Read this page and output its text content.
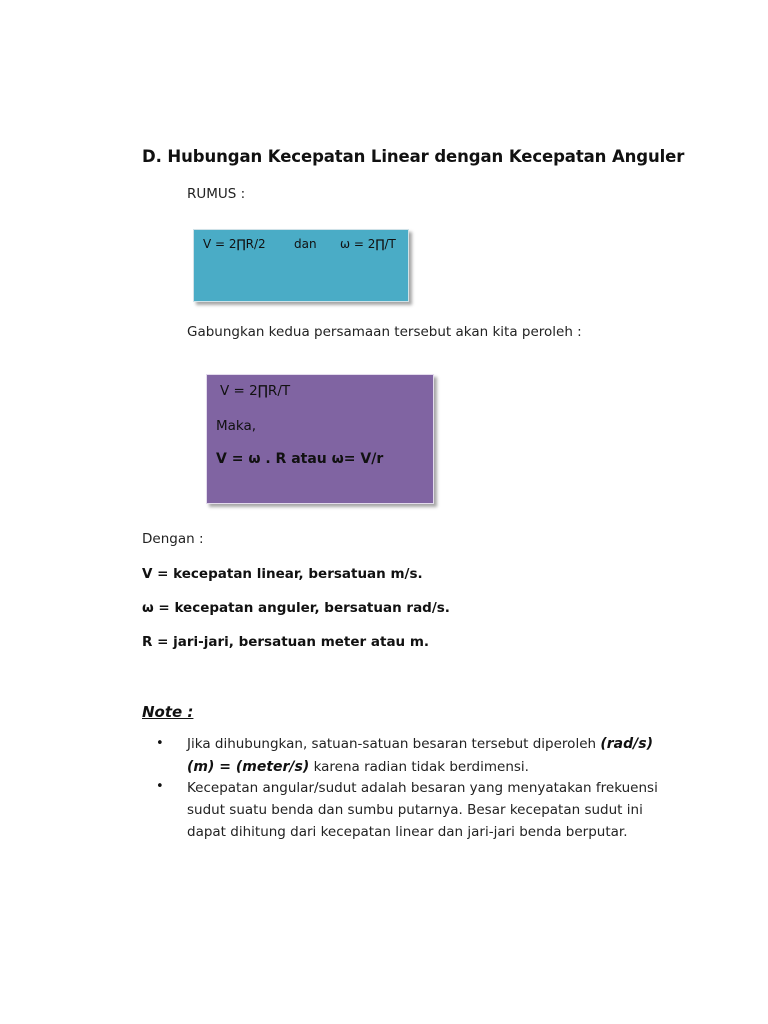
D. Hubungan Kecepatan Linear dengan Kecepatan Anguler
RUMUS :
V = 2∏R/2 dan ω = 2∏/T
Gabungkan kedua persamaan tersebut akan kita peroleh :
V = 2∏R/T
Maka,
V = ω . R atau ω= V/r
Dengan :
V = kecepatan linear, bersatuan m/s.
ω = kecepatan anguler, bersatuan rad/s.
R = jari-jari, bersatuan meter atau m.
Note :
• Jika dihubungkan, satuan-satuan besaran tersebut diperoleh (rad/s)
(m) = (meter/s) karena radian tidak berdimensi.
• Kecepatan angular/sudut adalah besaran yang menyatakan frekuensi
sudut suatu benda dan sumbu putarnya. Besar kecepatan sudut ini
dapat dihitung dari kecepatan linear dan jari-jari benda berputar.
